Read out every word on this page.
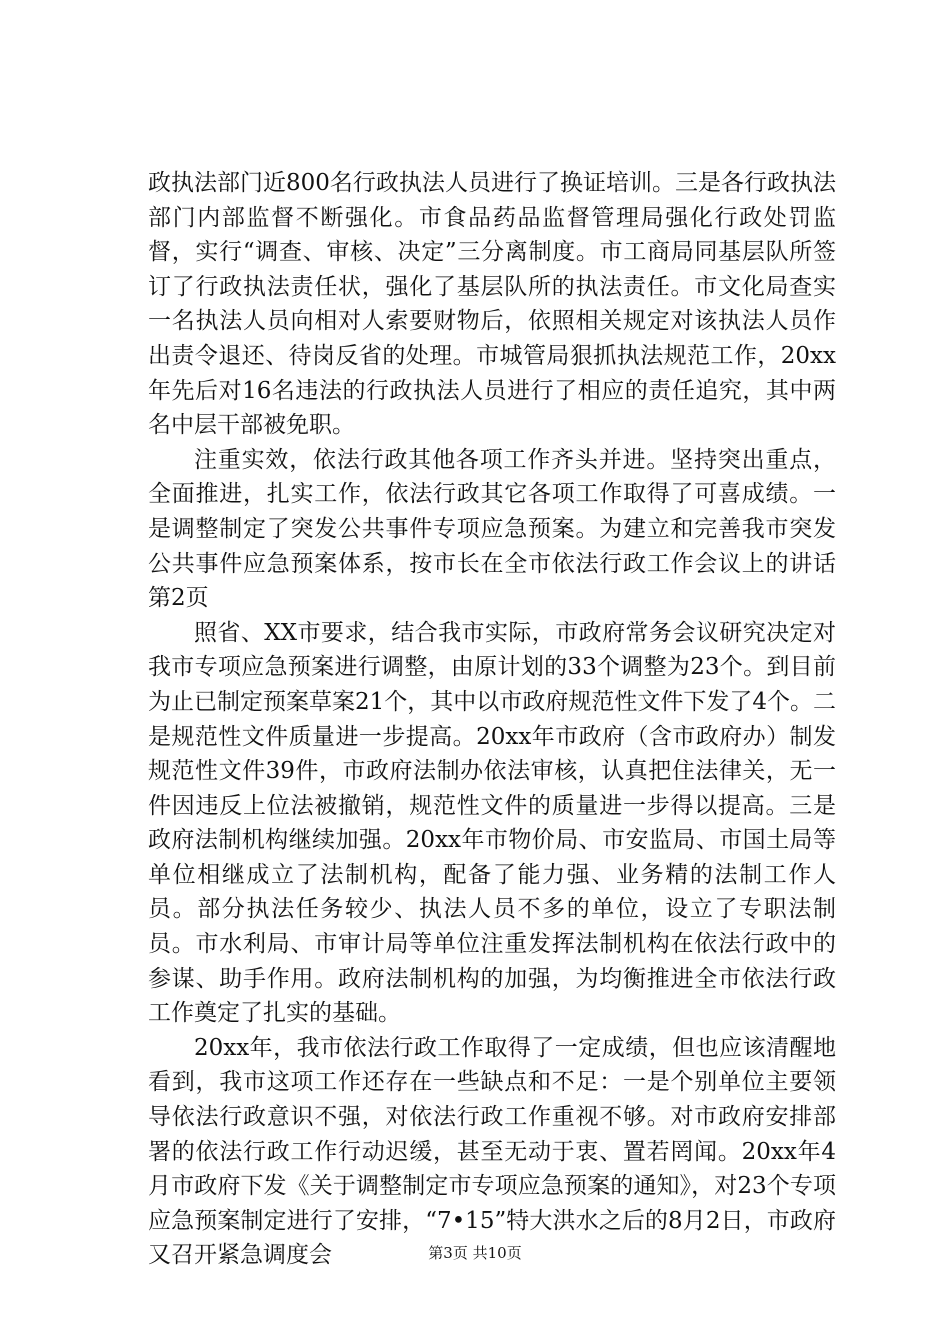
政执法部门近800名行政执法人员进行了换证培训。三是各行政执法部门内部监督不断强化。市食品药品监督管理局强化行政处罚监督，实行“调查、审核、决定”三分离制度。市工商局同基层队所签订了行政执法责任状，强化了基层队所的执法责任。市文化局查实一名执法人员向相对人索要财物后，依照相关规定对该执法人员作出责令退还、待岗反省的处理。市城管局狠抓执法规范工作，20xx年先后对16名违法的行政执法人员进行了相应的责任追究，其中两名中层干部被免职。

注重实效，依法行政其他各项工作齐头并进。坚持突出重点，全面推进，扎实工作，依法行政其它各项工作取得了可喜成绩。一是调整制定了突发公共事件专项应急预案。为建立和完善我市突发公共事件应急预案体系，按市长在全市依法行政工作会议上的讲话第2页

照省、XX市要求，结合我市实际，市政府常务会议研究决定对我市专项应急预案进行调整，由原计划的33个调整为23个。到目前为止已制定预案草案21个，其中以市政府规范性文件下发了4个。二是规范性文件质量进一步提高。20xx年市政府（含市政府办）制发规范性文件39件，市政府法制办依法审核，认真把住法律关，无一件因违反上位法被撤销，规范性文件的质量进一步得以提高。三是政府法制机构继续加强。20xx年市物价局、市安监局、市国土局等单位相继成立了法制机构，配备了能力强、业务精的法制工作人员。部分执法任务较少、执法人员不多的单位，设立了专职法制员。市水利局、市审计局等单位注重发挥法制机构在依法行政中的参谋、助手作用。政府法制机构的加强，为均衡推进全市依法行政工作奠定了扎实的基础。

20xx年，我市依法行政工作取得了一定成绩，但也应该清醒地看到，我市这项工作还存在一些缺点和不足：一是个别单位主要领导依法行政意识不强，对依法行政工作重视不够。对市政府安排部署的依法行政工作行动迟缓，甚至无动于衷、置若罔闻。20xx年4月市政府下发《关于调整制定市专项应急预案的通知》，对23个专项应急预案制定进行了安排，“7•15”特大洪水之后的8月2日，市政府又召开紧急调度会	第3页 共10页
